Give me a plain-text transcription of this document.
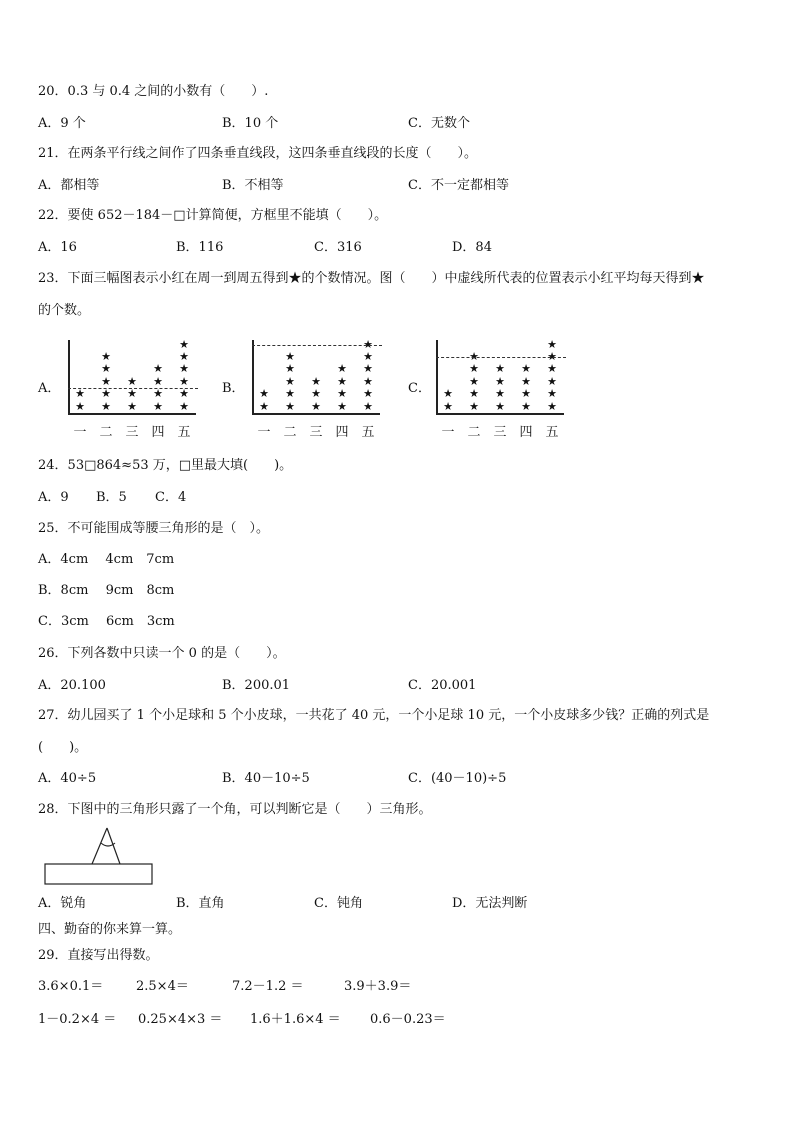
20．0.3 与 0.4 之间的小数有（　　）.
A．9 个	B．10 个	C．无数个
21．在两条平行线之间作了四条垂直线段，这四条垂直线段的长度（　　）。
A．都相等	B．不相等	C．不一定都相等
22．要使 652－184－□计算简便，方框里不能填（　　）。
A．16	B．116	C．316	D．84
23．下面三幅图表示小红在周一到周五得到★的个数情况。图（　　）中虚线所代表的位置表示小红平均每天得到★
的个数。
A．	B．	C．
★
★
★
★
★
★
★
★
★
★
★
★
★
★
★
★
★
★
★
★
一 二 三 四 五
★
★
★
★
★
★
★
★
★
★
★
★
★
★
★
★
★
★
★
★
一 二 三 四 五
★
★
★
★
★
★
★
★
★
★
★
★
★
★
★
★
★
★
★
★
★
一 二 三 四 五
24．53□864≈53 万，□里最大填(　　)。
A．9 B．5 C．4
25．不可能围成等腰三角形的是（　）。
A．4cm　 4cm　7cm
B．8cm　 9cm　8cm
C．3cm　 6cm　3cm
26．下列各数中只读一个 0 的是（　　）。
A．20.100	B．200.01	C．20.001
27．幼儿园买了 1 个小足球和 5 个小皮球，一共花了 40 元，一个小足球 10 元，一个小皮球多少钱？正确的列式是
(　　)。
A．40÷5	B．40－10÷5	C．(40－10)÷5
28．下图中的三角形只露了一个角，可以判断它是（　　）三角形。
A．锐角	B．直角	C．钝角	D．无法判断
四、勤奋的你来算一算。
29．直接写出得数。
3.6×0.1＝	2.5×4＝	7.2－1.2 ＝	3.9＋3.9＝
1－0.2×4 ＝ 0.25×4×3 ＝ 1.6＋1.6×4 ＝ 0.6－0.23＝
